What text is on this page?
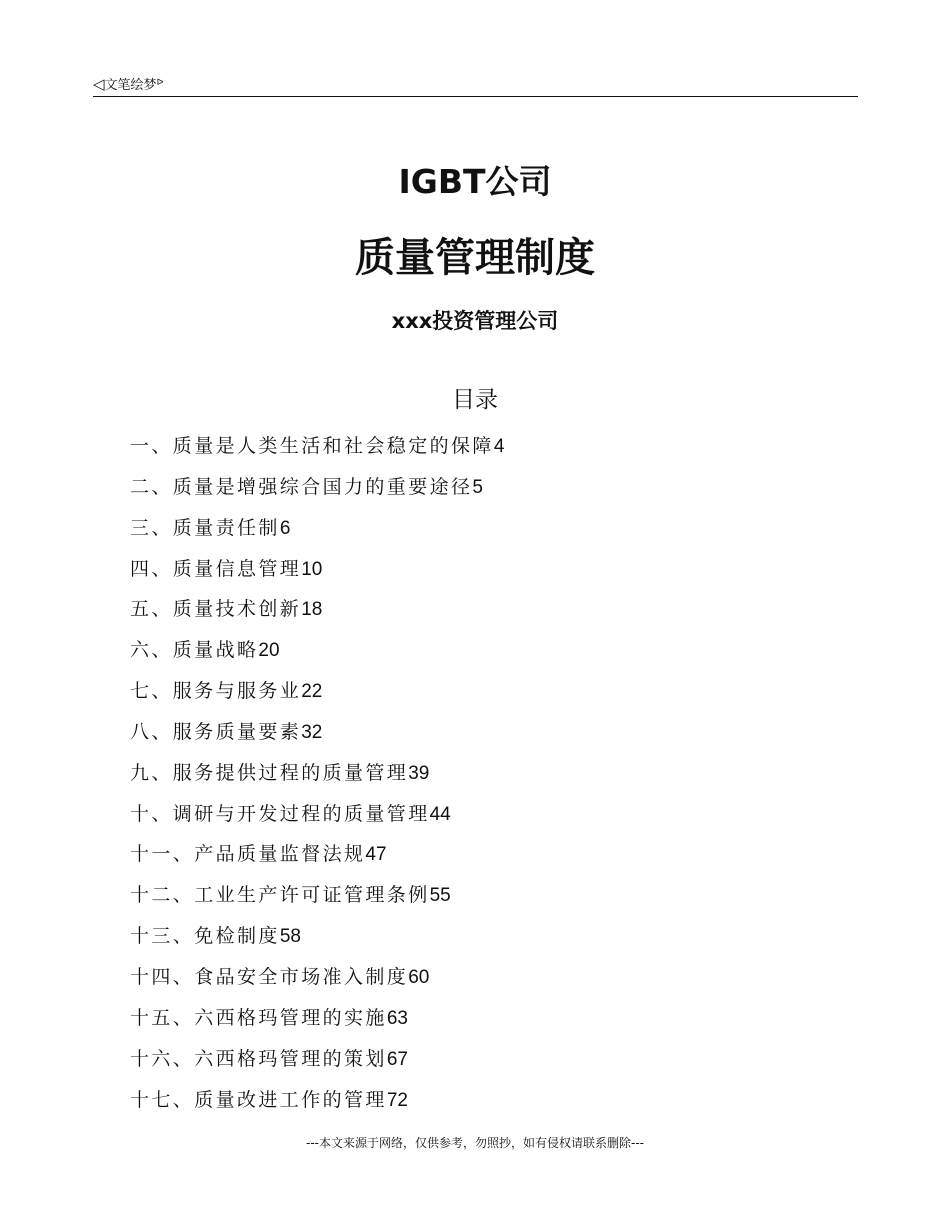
◁文笔绘梦$^ᐅ$
IGBT公司
质量管理制度
xxx投资管理公司
目录
一、质量是人类生活和社会稳定的保障4
二、质量是增强综合国力的重要途径5
三、质量责任制6
四、质量信息管理10
五、质量技术创新18
六、质量战略20
七、服务与服务业22
八、服务质量要素32
九、服务提供过程的质量管理39
十、调研与开发过程的质量管理44
十一、产品质量监督法规47
十二、工业生产许可证管理条例55
十三、免检制度58
十四、食品安全市场准入制度60
十五、六西格玛管理的实施63
十六、六西格玛管理的策划67
十七、质量改进工作的管理72
---本文来源于网络，仅供参考，勿照抄，如有侵权请联系删除---
